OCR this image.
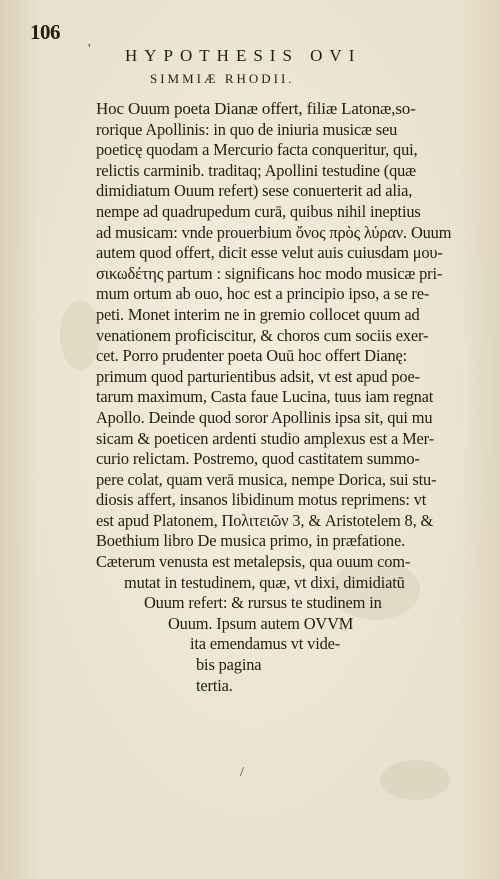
106
HYPOTHESIS OVI
SIMMIÆ RHODII.
'
/
Hoc Ouum poeta Dianæ offert, filiæ Latonæ,so-
rorique Apollinis: in quo de iniuria musicæ seu
poeticę quodam a Mercurio facta conqueritur, qui,
relictis carminib. traditaq; Apollini testudine (quæ
dimidiatum Ouum refert) sese conuerterit ad alia,
nempe ad quadrupedum curā, quibus nihil ineptius
ad musicam: vnde prouerbium ὄνος πρὸς λύραν. Ouum
autem quod offert, dicit esse velut auis cuiusdam μου-
σικωδέτης partum : significans hoc modo musicæ pri-
mum ortum ab ouo, hoc est a principio ipso, a se re-
peti. Monet interim ne in gremio collocet quum ad
venationem proficiscitur, & choros cum sociis exer-
cet. Porro prudenter poeta Ouū hoc offert Dianę:
primum quod parturientibus adsit, vt est apud poe-
tarum maximum, Casta faue Lucina, tuus iam regnat
Apollo. Deinde quod soror Apollinis ipsa sit, qui mu
sicam & poeticen ardenti studio amplexus est a Mer-
curio relictam. Postremo, quod castitatem summo-
pere colat, quam verā musica, nempe Dorica, sui stu-
diosis affert, insanos libidinum motus reprimens: vt
est apud Platonem, Πολιτειῶν 3, & Aristotelem 8, &
Boethium libro De musica primo, in præfatione.
Cæterum venusta est metalepsis, qua ouum com-
mutat in testudinem, quæ, vt dixi, dimidiatū
Ouum refert: & rursus te studinem in
Ouum. Ipsum autem OVVM
ita emendamus vt vide-
bis pagina
tertia.
